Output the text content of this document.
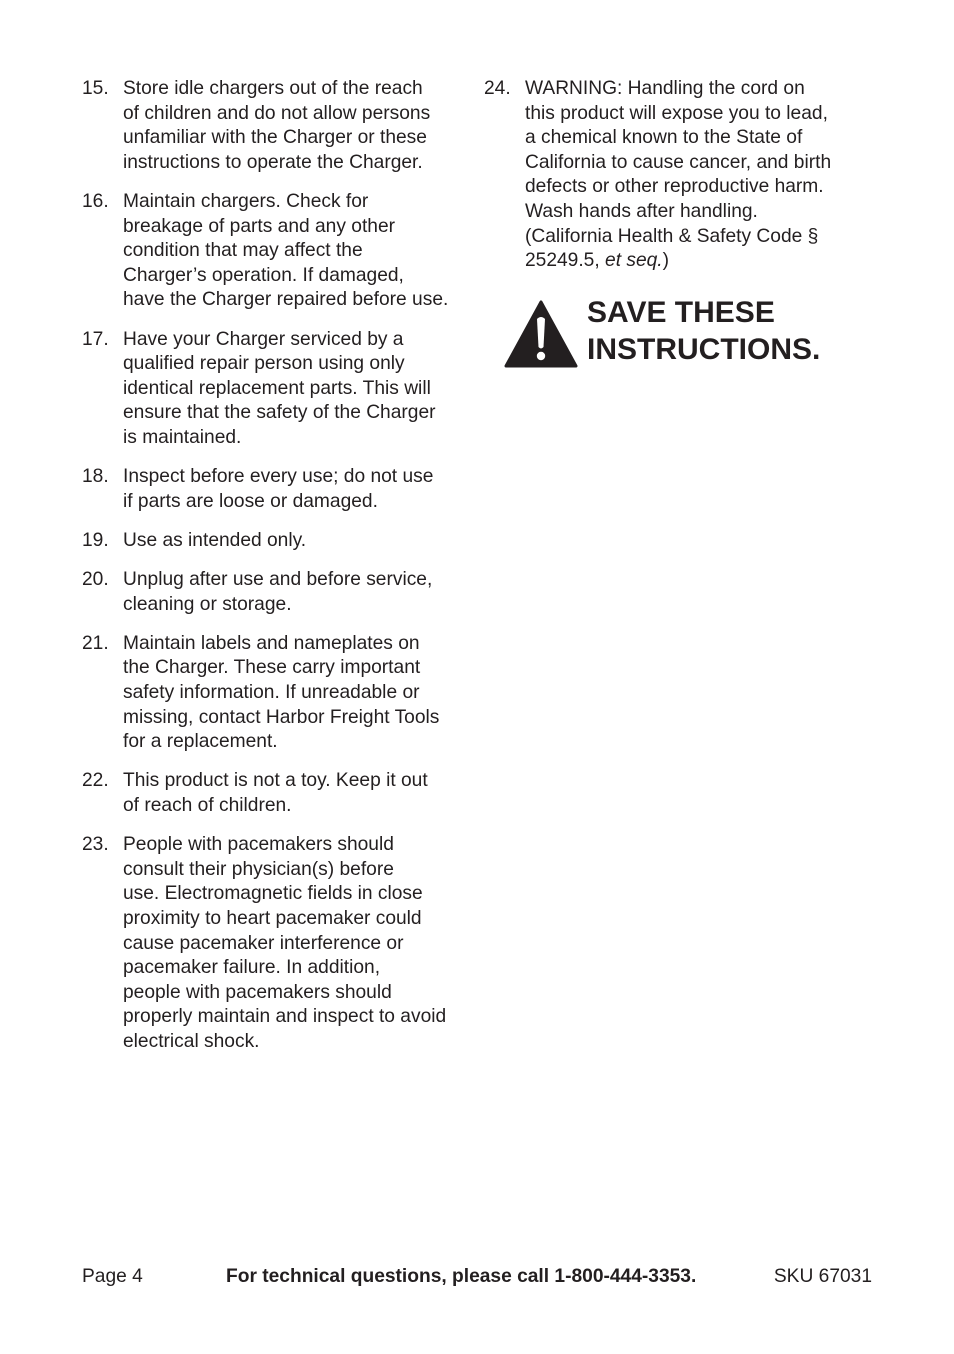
15. Store idle chargers out of the reach
of children and do not allow persons
unfamiliar with the Charger or these
instructions to operate the Charger.
16. Maintain chargers. Check for
breakage of parts and any other
condition that may affect the
Charger’s operation. If damaged,
have the Charger repaired before use.
17. Have your Charger serviced by a
qualified repair person using only
identical replacement parts. This will
ensure that the safety of the Charger
is maintained.
18. Inspect before every use; do not use
if parts are loose or damaged.
19. Use as intended only.
20. Unplug after use and before service,
cleaning or storage.
21. Maintain labels and nameplates on
the Charger. These carry important
safety information. If unreadable or
missing, contact Harbor Freight Tools
for a replacement.
22. This product is not a toy. Keep it out
of reach of children.
23. People with pacemakers should
consult their physician(s) before
use. Electromagnetic fields in close
proximity to heart pacemaker could
cause pacemaker interference or
pacemaker failure. In addition,
people with pacemakers should
properly maintain and inspect to avoid
electrical shock.
24. WARNING: Handling the cord on
this product will expose you to lead,
a chemical known to the State of
California to cause cancer, and birth
defects or other reproductive harm.
Wash hands after handling.
(California Health & Safety Code §
25249.5, et seq.)
SAVE THESE
INSTRUCTIONS.
Page 4	For technical questions, please call 1-800-444-3353.	SKU 67031
